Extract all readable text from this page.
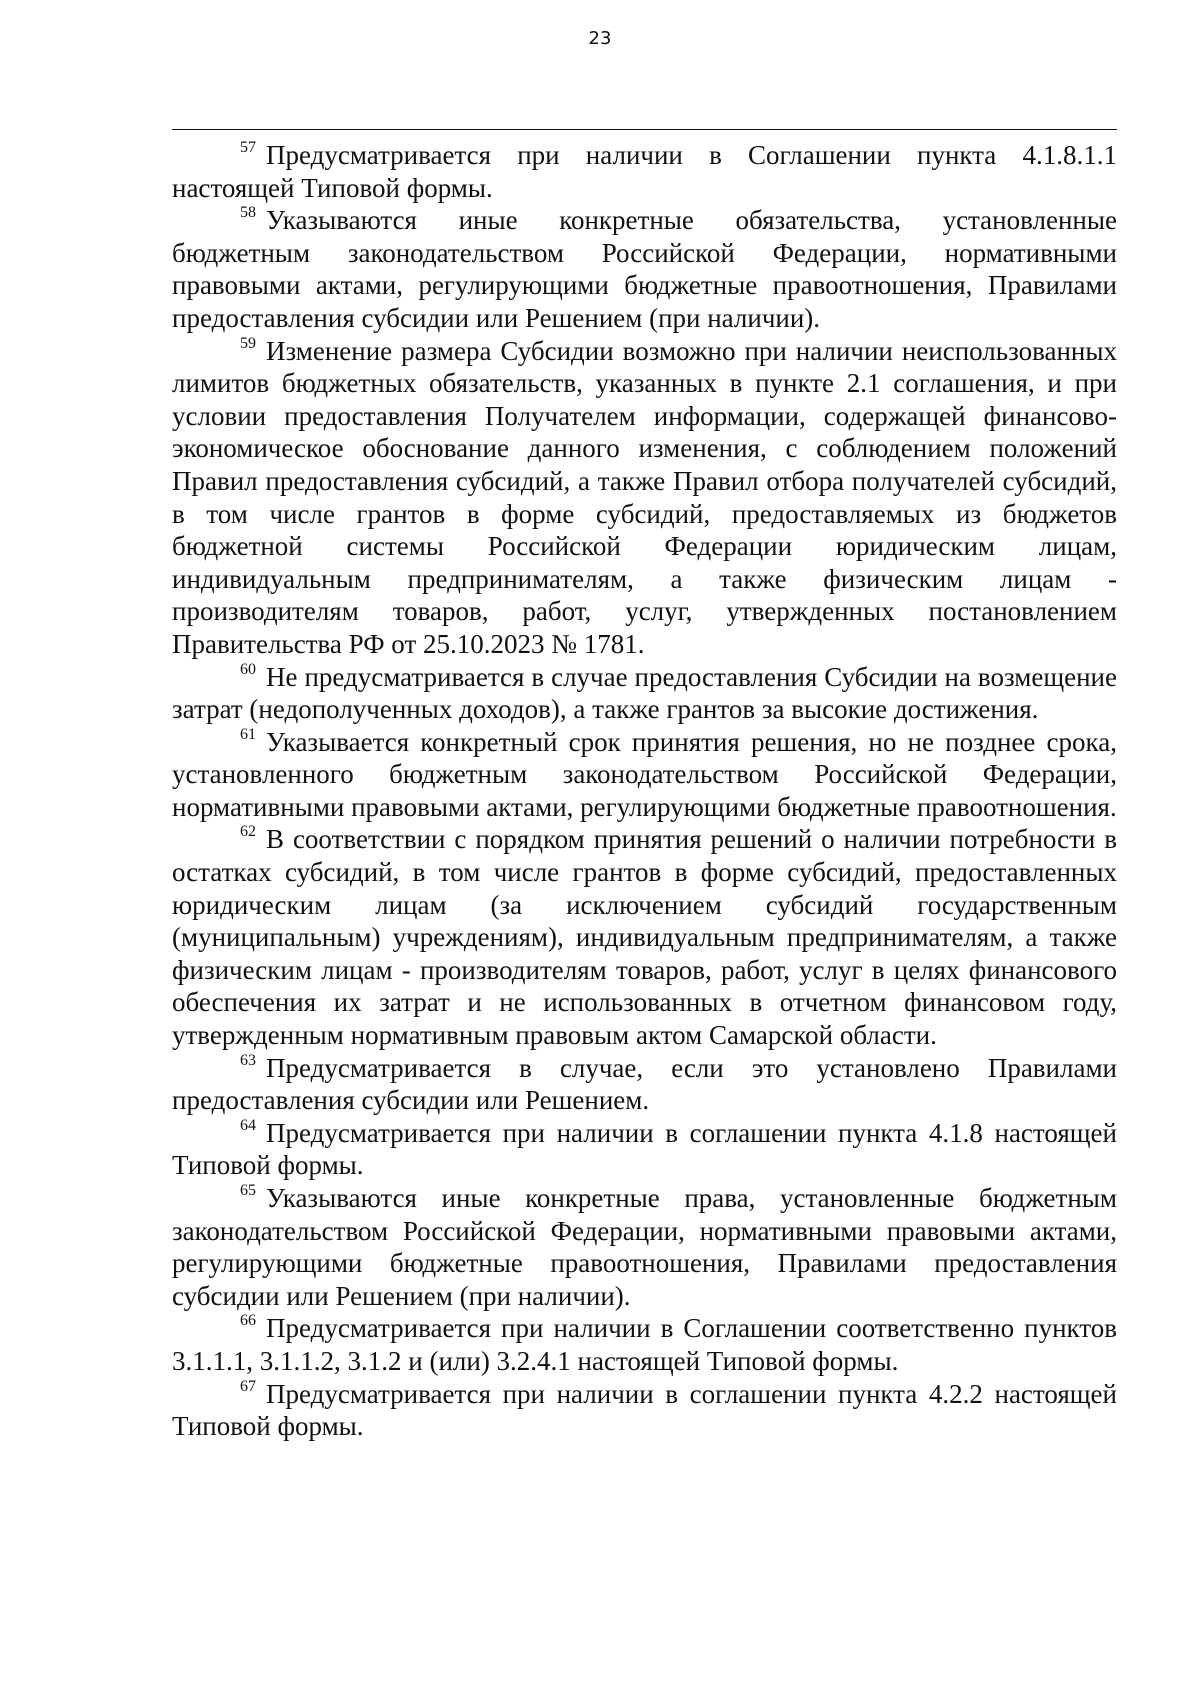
23

$^{57}$ Предусматривается при наличии в Соглашении пункта 4.1.8.1.1 настоящей Типовой формы.

$^{58}$ Указываются иные конкретные обязательства, установленные бюджетным законодательством Российской Федерации, нормативными правовыми актами, регулирующими бюджетные правоотношения, Правилами предоставления субсидии или Решением (при наличии).

$^{59}$ Изменение размера Субсидии возможно при наличии неиспользованных лимитов бюджетных обязательств, указанных в пункте 2.1 соглашения, и при условии предоставления Получателем информации, содержащей финансово-экономическое обоснование данного изменения, с соблюдением положений Правил предоставления субсидий, а также Правил отбора получателей субсидий, в том числе грантов в форме субсидий, предоставляемых из бюджетов бюджетной системы Российской Федерации юридическим лицам, индивидуальным предпринимателям, а также физическим лицам - производителям товаров, работ, услуг, утвержденных постановлением Правительства РФ от 25.10.2023 № 1781.

$^{60}$ Не предусматривается в случае предоставления Субсидии на возмещение затрат (недополученных доходов), а также грантов за высокие достижения.

$^{61}$ Указывается конкретный срок принятия решения, но не позднее срока, установленного бюджетным законодательством Российской Федерации, нормативными правовыми актами, регулирующими бюджетные правоотношения.

$^{62}$ В соответствии с порядком принятия решений о наличии потребности в остатках субсидий, в том числе грантов в форме субсидий, предоставленных юридическим лицам (за исключением субсидий государственным (муниципальным) учреждениям), индивидуальным предпринимателям, а также физическим лицам - производителям товаров, работ, услуг в целях финансового обеспечения их затрат и не использованных в отчетном финансовом году, утвержденным нормативным правовым актом Самарской области.

$^{63}$ Предусматривается в случае, если это установлено Правилами предоставления субсидии или Решением.

$^{64}$ Предусматривается при наличии в соглашении пункта 4.1.8 настоящей Типовой формы.

$^{65}$ Указываются иные конкретные права, установленные бюджетным законодательством Российской Федерации, нормативными правовыми актами, регулирующими бюджетные правоотношения, Правилами предоставления субсидии или Решением (при наличии).

$^{66}$ Предусматривается при наличии в Соглашении соответственно пунктов 3.1.1.1, 3.1.1.2, 3.1.2 и (или) 3.2.4.1 настоящей Типовой формы.

$^{67}$ Предусматривается при наличии в соглашении пункта 4.2.2 настоящей Типовой формы.
